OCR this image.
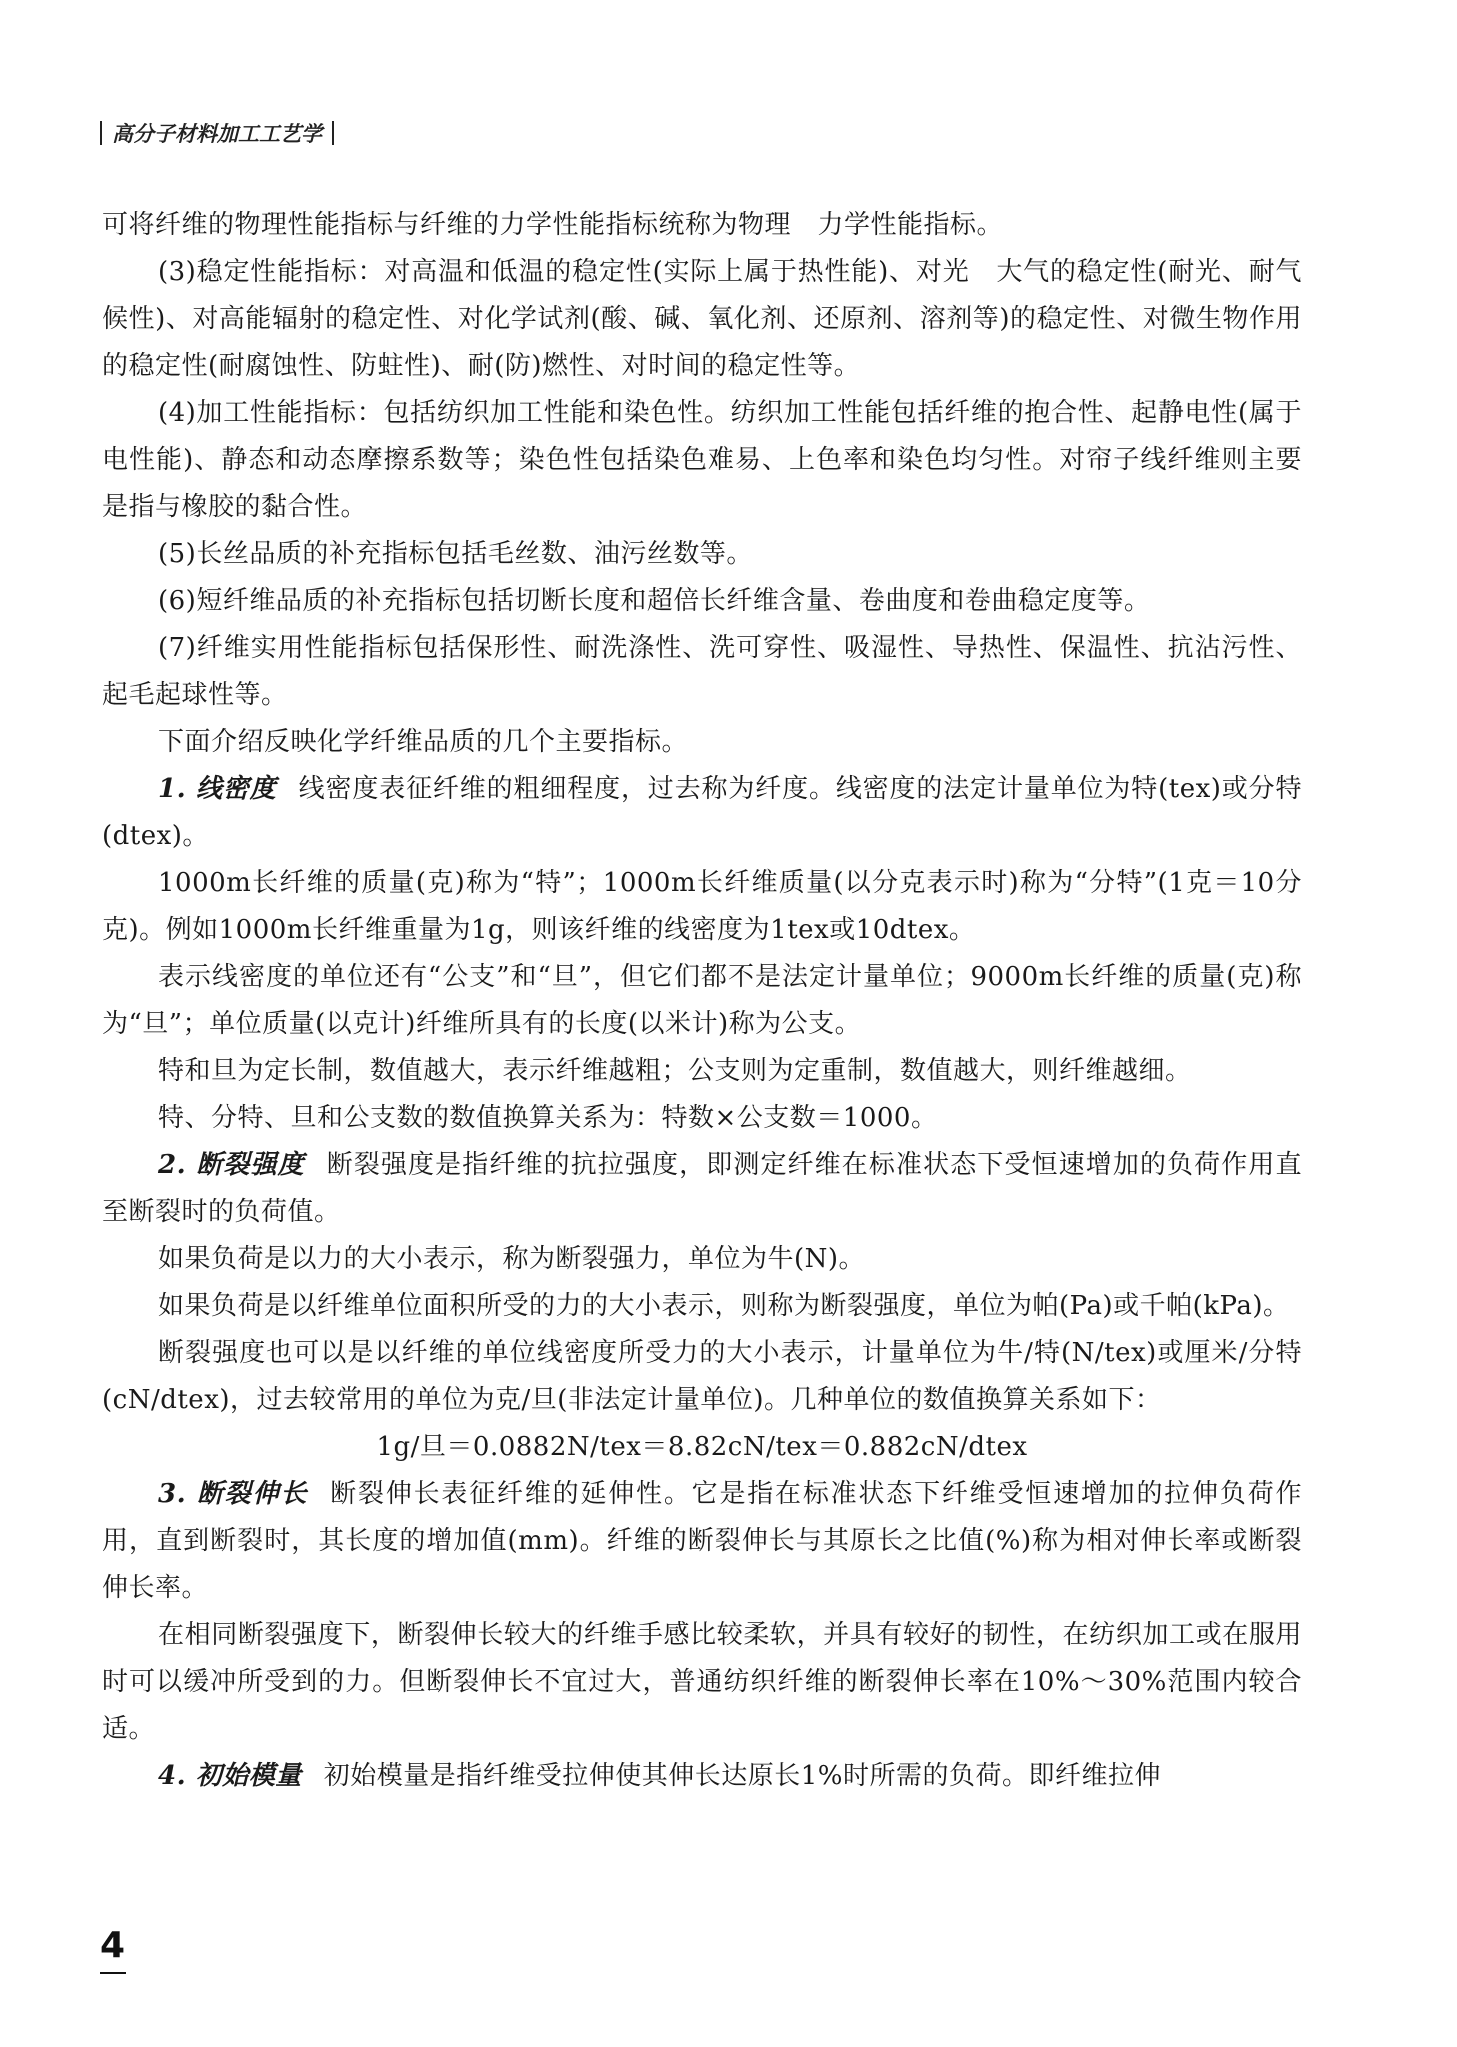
高分子材料加工工艺学

可将纤维的物理性能指标与纤维的力学性能指标统称为物理　力学性能指标。

(3)稳定性能指标：对高温和低温的稳定性(实际上属于热性能)、对光　大气的稳定性(耐光、耐气候性)、对高能辐射的稳定性、对化学试剂(酸、碱、氧化剂、还原剂、溶剂等)的稳定性、对微生物作用的稳定性(耐腐蚀性、防蛀性)、耐(防)燃性、对时间的稳定性等。

(4)加工性能指标：包括纺织加工性能和染色性。纺织加工性能包括纤维的抱合性、起静电性(属于电性能)、静态和动态摩擦系数等；染色性包括染色难易、上色率和染色均匀性。对帘子线纤维则主要是指与橡胶的黏合性。

(5)长丝品质的补充指标包括毛丝数、油污丝数等。

(6)短纤维品质的补充指标包括切断长度和超倍长纤维含量、卷曲度和卷曲稳定度等。

(7)纤维实用性能指标包括保形性、耐洗涤性、洗可穿性、吸湿性、导热性、保温性、抗沾污性、起毛起球性等。

下面介绍反映化学纤维品质的几个主要指标。

1. 线密度 线密度表征纤维的粗细程度，过去称为纤度。线密度的法定计量单位为特(tex)或分特(dtex)。

1000m长纤维的质量(克)称为“特”；1000m长纤维质量(以分克表示时)称为“分特”(1克＝10分克)。例如1000m长纤维重量为1g，则该纤维的线密度为1tex或10dtex。

表示线密度的单位还有“公支”和“旦”，但它们都不是法定计量单位；9000m长纤维的质量(克)称为“旦”；单位质量(以克计)纤维所具有的长度(以米计)称为公支。

特和旦为定长制，数值越大，表示纤维越粗；公支则为定重制，数值越大，则纤维越细。

特、分特、旦和公支数的数值换算关系为：特数×公支数＝1000。

2. 断裂强度 断裂强度是指纤维的抗拉强度，即测定纤维在标准状态下受恒速增加的负荷作用直至断裂时的负荷值。

如果负荷是以力的大小表示，称为断裂强力，单位为牛(N)。

如果负荷是以纤维单位面积所受的力的大小表示，则称为断裂强度，单位为帕(Pa)或千帕(kPa)。

断裂强度也可以是以纤维的单位线密度所受力的大小表示，计量单位为牛/特(N/tex)或厘米/分特(cN/dtex)，过去较常用的单位为克/旦(非法定计量单位)。几种单位的数值换算关系如下：

1g/旦＝0.0882N/tex＝8.82cN/tex＝0.882cN/dtex

3. 断裂伸长 断裂伸长表征纤维的延伸性。它是指在标准状态下纤维受恒速增加的拉伸负荷作用，直到断裂时，其长度的增加值(mm)。纤维的断裂伸长与其原长之比值(%)称为相对伸长率或断裂伸长率。

在相同断裂强度下，断裂伸长较大的纤维手感比较柔软，并具有较好的韧性，在纺织加工或在服用时可以缓冲所受到的力。但断裂伸长不宜过大，普通纺织纤维的断裂伸长率在10%～30%范围内较合适。

4. 初始模量 初始模量是指纤维受拉伸使其伸长达原长1%时所需的负荷。即纤维拉伸

4
